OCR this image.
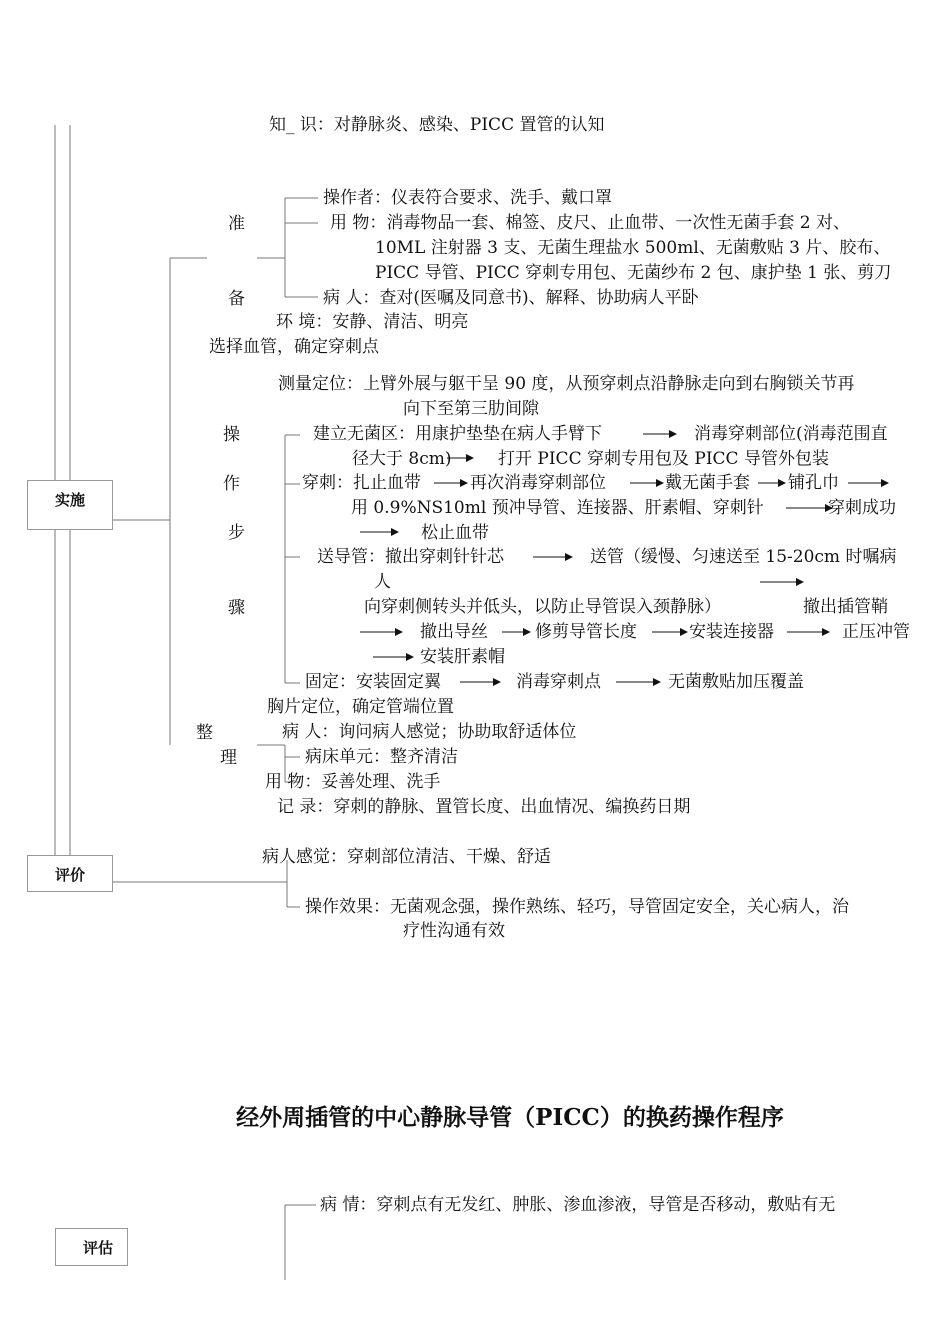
实施
评价
评估
准
备
操
作
步
骤
整
理
知_ 识：对静脉炎、感染、PICC 置管的认知
操作者：仪表符合要求、洗手、戴口罩
用 物：消毒物品一套、棉签、皮尺、止血带、一次性无菌手套 2 对、
10ML 注射器 3 支、无菌生理盐水 500ml、无菌敷贴 3 片、胶布、
PICC 导管、PICC 穿刺专用包、无菌纱布 2 包、康护垫 1 张、剪刀
病 人：查对(医嘱及同意书)、解释、协助病人平卧
环 境：安静、清洁、明亮
选择血管，确定穿刺点
测量定位：上臂外展与躯干呈 90 度，从预穿刺点沿静脉走向到右胸锁关节再
向下至第三肋间隙
建立无菌区：用康护垫垫在病人手臂下	消毒穿刺部位(消毒范围直
径大于 8cm)	打开 PICC 穿刺专用包及 PICC 导管外包装
穿刺：扎止血带	再次消毒穿刺部位	戴无菌手套 铺孔巾
用 0.9%NS10ml 预冲导管、连接器、肝素帽、穿刺针	穿刺成功
松止血带
送导管：撤出穿刺针针芯	送管（缓慢、匀速送至 15-20cm 时嘱病
人
向穿刺侧转头并低头，以防止导管误入颈静脉）	撤出插管鞘
撤出导丝	修剪导管长度	安装连接器	正压冲管
安装肝素帽
固定：安装固定翼	消毒穿刺点	无菌敷贴加压覆盖
胸片定位，确定管端位置
病 人：询问病人感觉；协助取舒适体位
病床单元：整齐清洁
用 物：妥善处理、洗手
记 录：穿刺的静脉、置管长度、出血情况、编换药日期
病人感觉：穿刺部位清洁、干燥、舒适
操作效果：无菌观念强，操作熟练、轻巧，导管固定安全，关心病人，治
疗性沟通有效
经外周插管的中心静脉导管（PICC）的换药操作程序
病 情：穿刺点有无发红、肿胀、渗血渗液，导管是否移动，敷贴有无
